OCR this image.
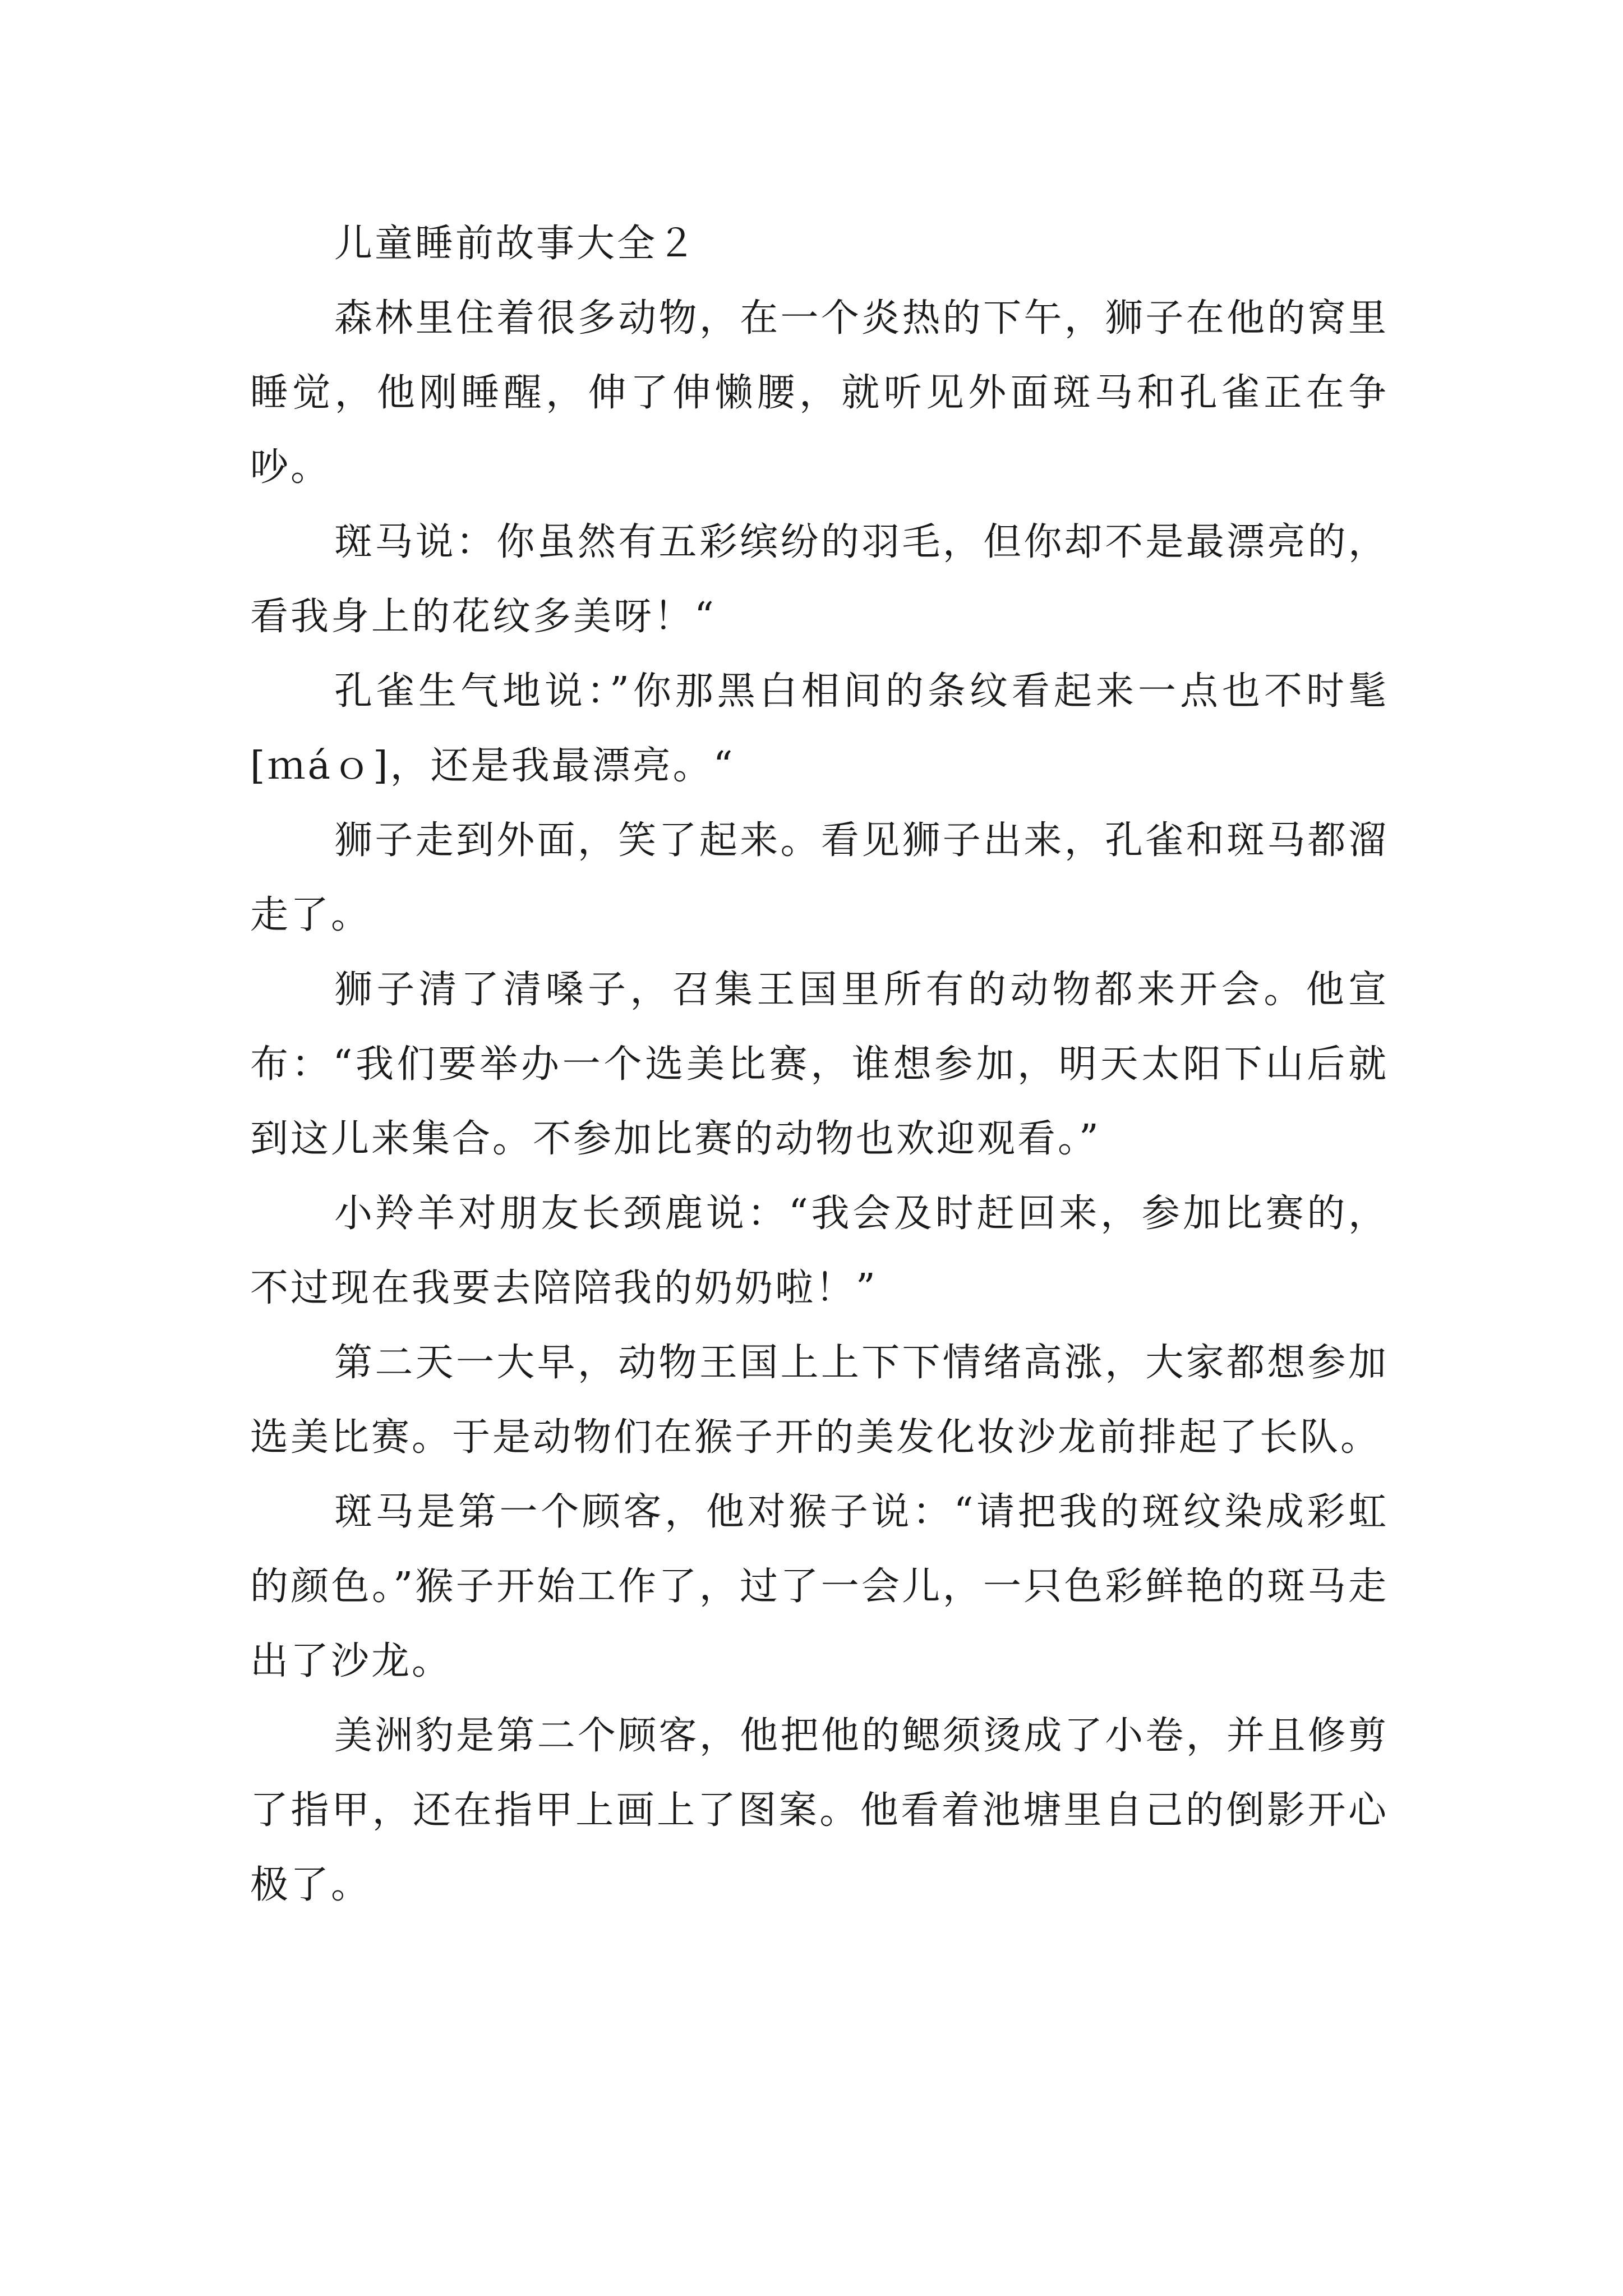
儿童睡前故事大全２

森林里住着很多动物，在一个炎热的下午，狮子在他的窝里睡觉，他刚睡醒，伸了伸懒腰，就听见外面斑马和孔雀正在争吵。

斑马说：你虽然有五彩缤纷的羽毛，但你却不是最漂亮的，看我身上的花纹多美呀！“

孔雀生气地说：”你那黑白相间的条纹看起来一点也不时髦[ｍáｏ]，还是我最漂亮。“

狮子走到外面，笑了起来。看见狮子出来，孔雀和斑马都溜走了。

狮子清了清嗓子，召集王国里所有的动物都来开会。他宣布：“我们要举办一个选美比赛，谁想参加，明天太阳下山后就到这儿来集合。不参加比赛的动物也欢迎观看。”

小羚羊对朋友长颈鹿说：“我会及时赶回来，参加比赛的，不过现在我要去陪陪我的奶奶啦！”

第二天一大早，动物王国上上下下情绪高涨，大家都想参加选美比赛。于是动物们在猴子开的美发化妆沙龙前排起了长队。

斑马是第一个顾客，他对猴子说：“请把我的斑纹染成彩虹的颜色。”猴子开始工作了，过了一会儿，一只色彩鲜艳的斑马走出了沙龙。

美洲豹是第二个顾客，他把他的鳃须烫成了小卷，并且修剪了指甲，还在指甲上画上了图案。他看着池塘里自己的倒影开心极了。
